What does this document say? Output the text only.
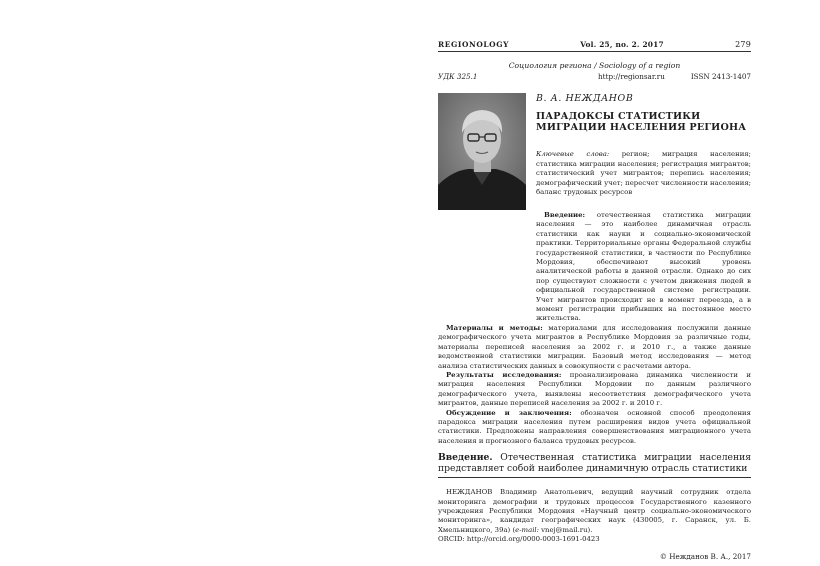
REGIONOLOGY	Vol. 25, no. 2. 2017	279
Социология региона / Sociology of a region
УДК 325.1	http://regionsar.ru	ISSN 2413-1407
В. А. НЕЖДАНОВ
ПАРАДОКСЫ СТАТИСТИКИ
МИГРАЦИИ НАСЕЛЕНИЯ РЕГИОНА
Ключевые слова: регион; миграция населения; статистика миграции населения; регистрация мигрантов; статистический учет мигрантов; перепись населения; демографический учет; пересчет численности населения; баланс трудовых ресурсов

Введение: отечественная статистика миграции населения — это наиболее динамичная отрасль статистики как науки и социально-экономической практики. Территориальные органы Федеральной службы государственной статистики, в частности по Республике Мордовия, обеспечивают высокий уровень аналитической работы в данной отрасли. Однако до сих пор существуют сложности с учетом движения людей в официальной государственной системе регистрации. Учет мигрантов происходит не в момент переезда, а в момент регистрации прибывших на постоянное место жительства.

Материалы и методы: материалами для исследования послужили данные демографического учета мигрантов в Республике Мордовия за различные годы, материалы переписей населения за 2002 г. и 2010 г., а также данные ведомственной статистики миграции. Базовый метод исследования — метод анализа статистических данных в совокупности с расчетами автора.

Результаты исследования: проанализирована динамика численности и миграция населения Республики Мордовии по данным различного демографического учета, выявлены несоответствия демографического учета мигрантов, данные переписей населения за 2002 г. и 2010 г.

Обсуждение и заключения: обозначен основной способ преодоления парадокса миграции населения путем расширения видов учета официальной статистики. Предложены направления совершенствования миграционного учета населения и прогнозного баланса трудовых ресурсов.

Введение. Отечественная статистика миграции населения представляет собой наиболее динамичную отрасль статистики

НЕЖДАНОВ Владимир Анатольевич, ведущий научный сотрудник отдела мониторинга демографии и трудовых процессов Государственного казенного учреждения Республики Мордовия «Научный центр социально-экономического мониторинга», кандидат географических наук (430005, г. Саранск, ул. Б. Хмельницкого, 39а) (e-mail: vnej@mail.ru).

ORCID: http://orcid.org/0000-0003-1691-0423

© Нежданов В. А., 2017
